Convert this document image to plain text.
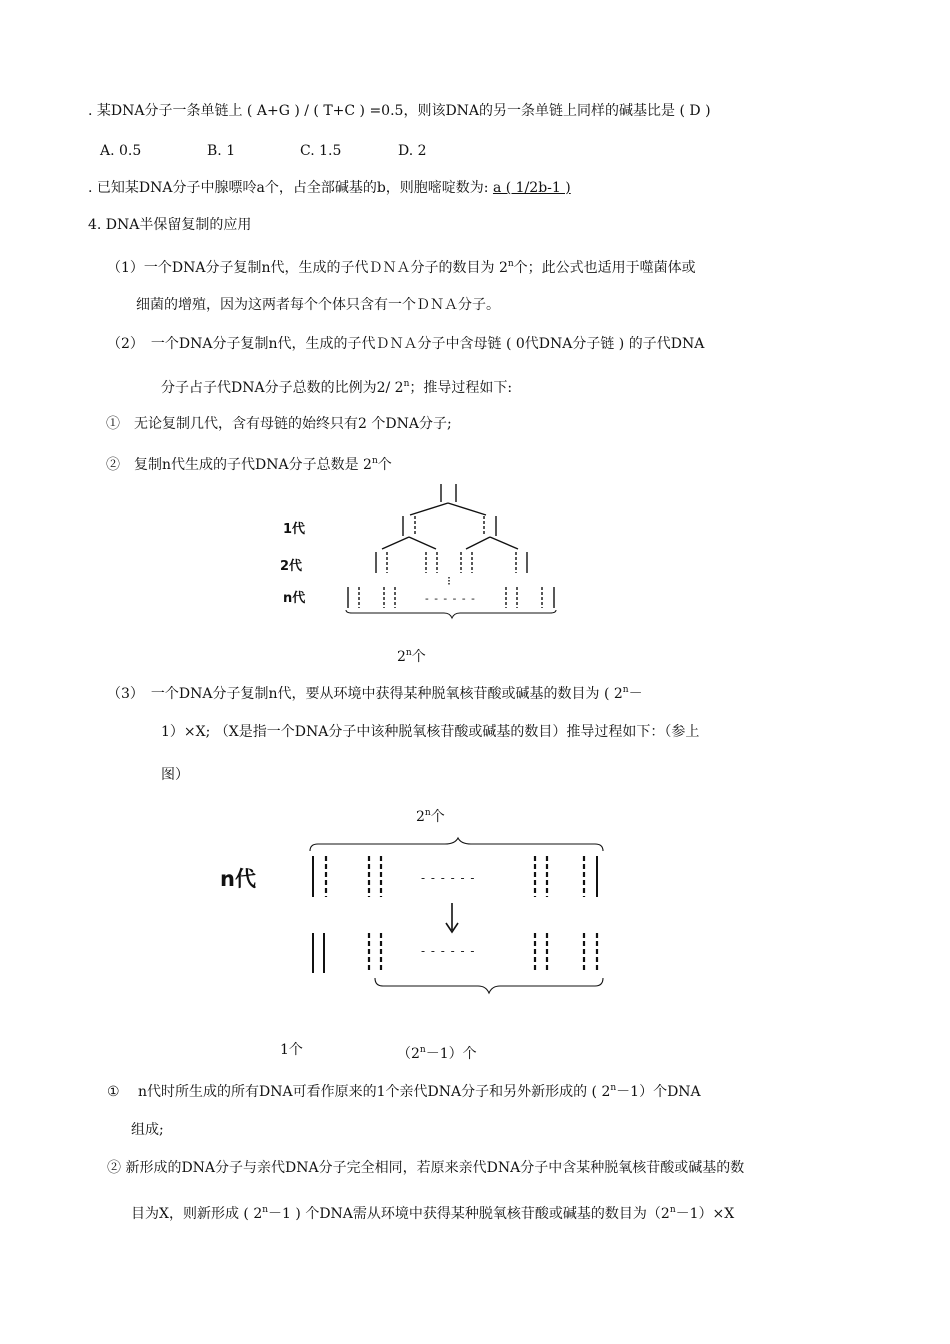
. 某DNA分子一条单链上 ( A+G ) / ( T+C ) =0.5，则该DNA的另一条单链上同样的碱基比是 ( D )
A. 0.5	B. 1	C. 1.5	D. 2
. 已知某DNA分子中腺嘌呤a个，占全部碱基的b，则胞嘧啶数为: a ( 1/2b-1 )
4. DNA半保留复制的应用
（1）一个DNA分子复制n代，生成的子代ＤＮＡ分子的数目为 2$^n$个；此公式也适用于噬菌体或
细菌的增殖，因为这两者每个个体只含有一个ＤＮＡ分子。
（2）　一个DNA分子复制n代，生成的子代ＤＮＡ分子中含母链 ( 0代DNA分子链 ) 的子代DNA
分子占子代DNA分子总数的比例为2/ 2$^n$；推导过程如下:
①　无论复制几代，含有母链的始终只有2 个DNA分子;
②　复制n代生成的子代DNA分子总数是 2$^n$个
1代
2代
n代	- - - - - -
2$^n$个
（3）　一个DNA分子复制n代，要从环境中获得某种脱氧核苷酸或碱基的数目为 ( $2^n-$
1）×X; （X是指一个DNA分子中该种脱氧核苷酸或碱基的数目）推导过程如下：（参上
图）
2$^n$个
n代	- - - - - -
- - - - - -
1个	$(2^n-1)$个
①　 n代时所生成的所有DNA可看作原来的1个亲代DNA分子和另外新形成的 ( $2^n-1$）个DNA
组成;
② 新形成的DNA分子与亲代DNA分子完全相同，若原来亲代DNA分子中含某种脱氧核苷酸或碱基的数
目为X，则新形成 ( $2^n-1$ ) 个DNA需从环境中获得某种脱氧核苷酸或碱基的数目为$(2^n-1)\times X$
